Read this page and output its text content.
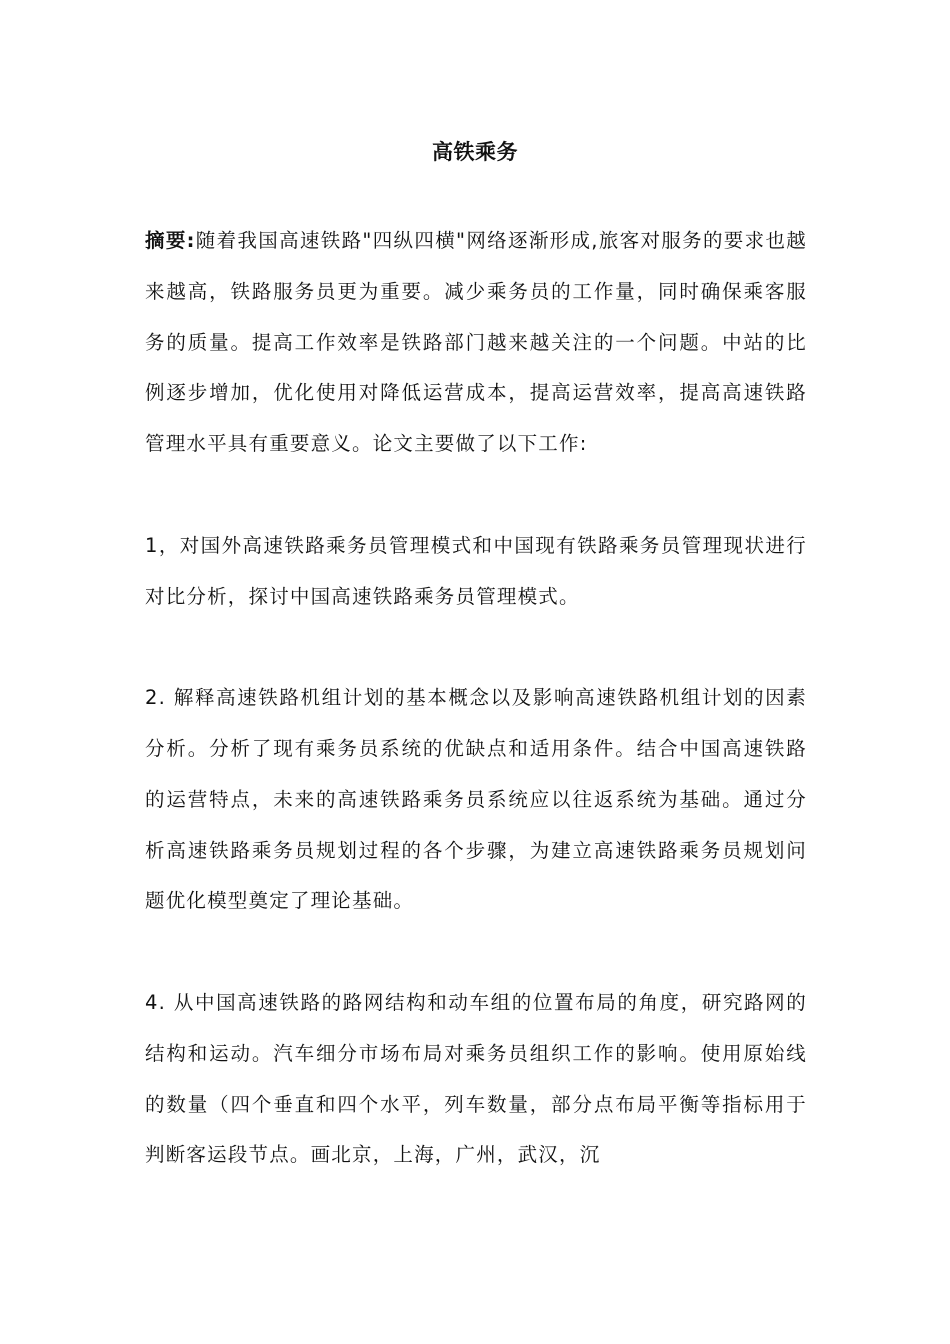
高铁乘务

摘要:随着我国高速铁路"四纵四横"网络逐渐形成,旅客对服务的要求也越来越高，铁路服务员更为重要。减少乘务员的工作量，同时确保乘客服务的质量。提高工作效率是铁路部门越来越关注的一个问题。中站的比例逐步增加，优化使用对降低运营成本，提高运营效率，提高高速铁路管理水平具有重要意义。论文主要做了以下工作:

1，对国外高速铁路乘务员管理模式和中国现有铁路乘务员管理现状进行对比分析，探讨中国高速铁路乘务员管理模式。

2. 解释高速铁路机组计划的基本概念以及影响高速铁路机组计划的因素分析。分析了现有乘务员系统的优缺点和适用条件。结合中国高速铁路的运营特点，未来的高速铁路乘务员系统应以往返系统为基础。通过分析高速铁路乘务员规划过程的各个步骤，为建立高速铁路乘务员规划问题优化模型奠定了理论基础。

4. 从中国高速铁路的路网结构和动车组的位置布局的角度，研究路网的结构和运动。汽车细分市场布局对乘务员组织工作的影响。使用原始线的数量（四个垂直和四个水平，列车数量，部分点布局平衡等指标用于判断客运段节点。画北京，上海，广州，武汉，沉
